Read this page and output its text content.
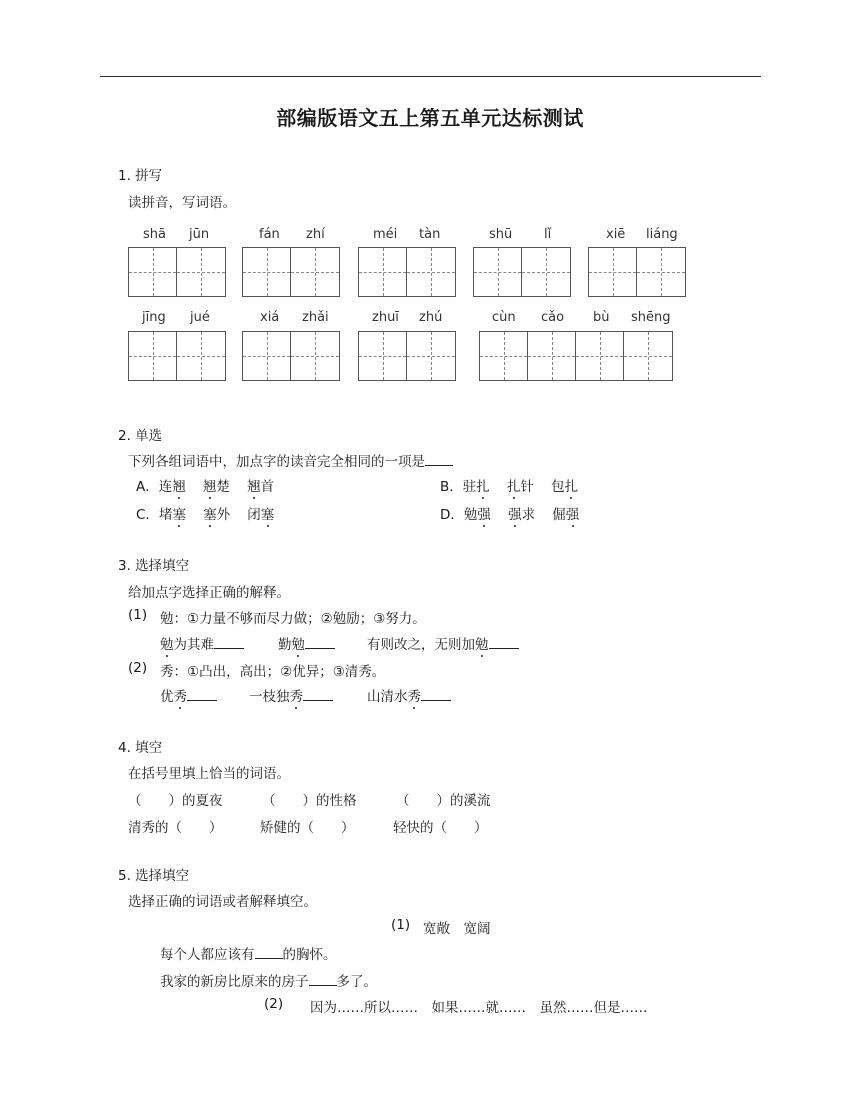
部编版语文五上第五单元达标测试
1. 拼写
读拼音，写词语。
shā jūn	fán zhí	méi tàn	shū lǐ	xiē liáng
jīng jué	xiá zhǎi	zhuī zhú	cùn cǎo bù shēng
2. 单选
下列各组词语中，加点字的读音完全相同的一项是
A．连翘 翘楚 翘首	B．驻扎 扎针 包扎
C．堵塞 塞外 闭塞	D．勉强 强求 倔强
3. 选择填空
给加点字选择正确的解释。
(1) 勉：①力量不够而尽力做；②勉励；③努力。
勉为其难	勤勉	有则改之，无则加勉
(2) 秀：①凸出，高出；②优异；③清秀。
优秀	一枝独秀	山清水秀
4. 填空
在括号里填上恰当的词语。
（　　）的夏夜	（　　）的性格	（　　）的溪流
清秀的（　　）	矫健的（　　）	轻快的（　　）
5. 选择填空
选择正确的词语或者解释填空。
(1) 宽敞　宽阔
每个人都应该有 的胸怀。
我家的新房比原来的房子 多了。
(2) 因为……所以……　如果……就……　虽然……但是……
